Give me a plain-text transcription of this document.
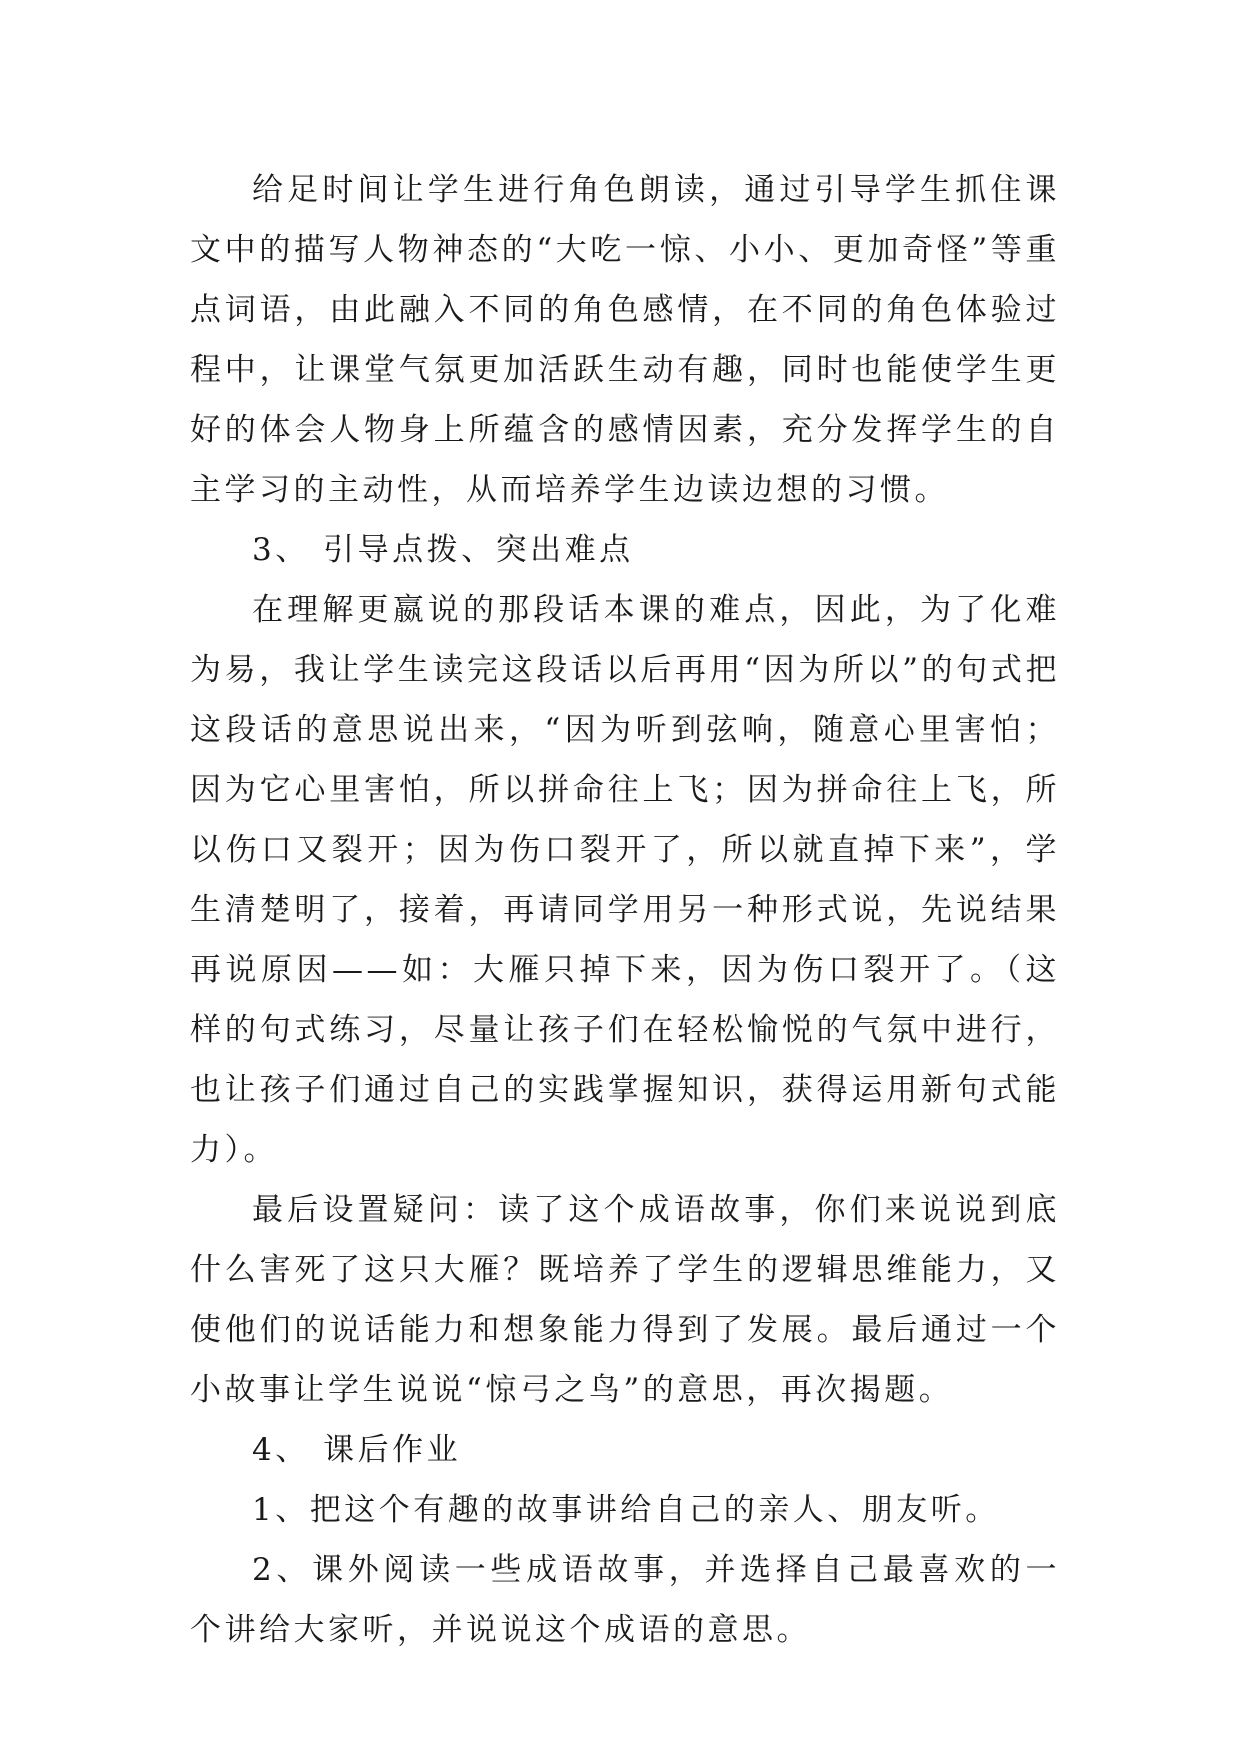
给足时间让学生进行角色朗读，通过引导学生抓住课文中的描写人物神态的“大吃一惊、小小、更加奇怪”等重点词语，由此融入不同的角色感情，在不同的角色体验过程中，让课堂气氛更加活跃生动有趣，同时也能使学生更好的体会人物身上所蕴含的感情因素，充分发挥学生的自主学习的主动性，从而培养学生边读边想的习惯。

3、 引导点拨、突出难点

在理解更嬴说的那段话本课的难点，因此，为了化难为易，我让学生读完这段话以后再用“因为所以”的句式把这段话的意思说出来，“因为听到弦响，随意心里害怕；因为它心里害怕，所以拼命往上飞；因为拼命往上飞，所以伤口又裂开；因为伤口裂开了，所以就直掉下来”，学生清楚明了，接着，再请同学用另一种形式说，先说结果再说原因——如：大雁只掉下来，因为伤口裂开了。（这样的句式练习，尽量让孩子们在轻松愉悦的气氛中进行，也让孩子们通过自己的实践掌握知识，获得运用新句式能力）。

最后设置疑问：读了这个成语故事，你们来说说到底什么害死了这只大雁？既培养了学生的逻辑思维能力，又使他们的说话能力和想象能力得到了发展。最后通过一个小故事让学生说说“惊弓之鸟”的意思，再次揭题。

4、 课后作业

1、把这个有趣的故事讲给自己的亲人、朋友听。

2、课外阅读一些成语故事，并选择自己最喜欢的一个讲给大家听，并说说这个成语的意思。
